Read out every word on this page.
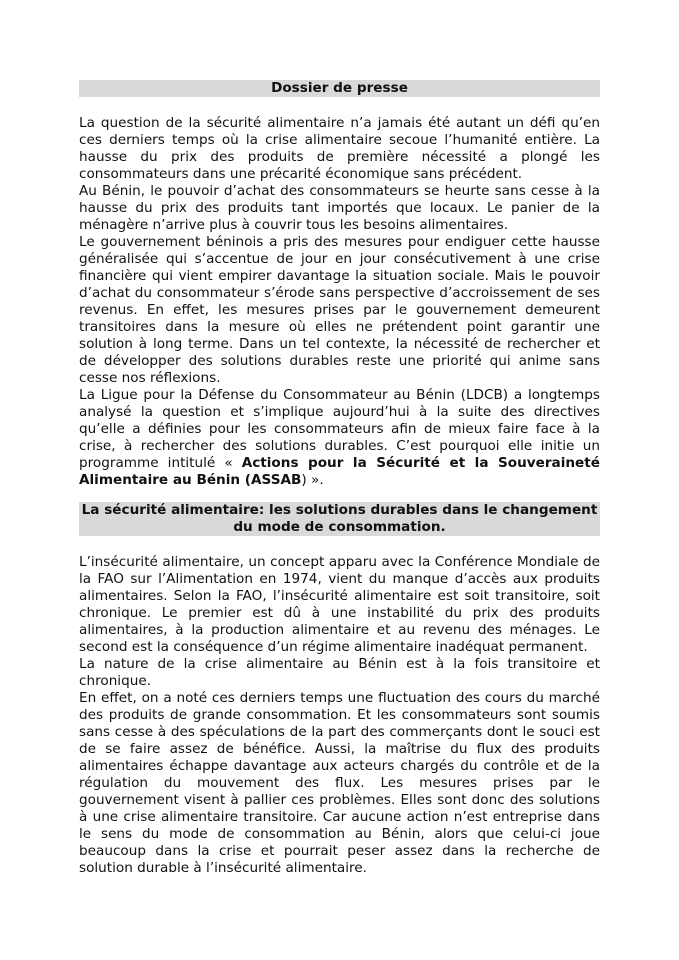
Dossier de presse

La question de la sécurité alimentaire n’a jamais été autant un défi qu’en ces derniers temps où la crise alimentaire secoue l’humanité entière. La hausse du prix des produits de première nécessité a plongé les consommateurs dans une précarité économique sans précédent.

Au Bénin, le pouvoir d’achat des consommateurs se heurte sans cesse à la hausse du prix des produits tant importés que locaux. Le panier de la ménagère n’arrive plus à couvrir tous les besoins alimentaires.

Le gouvernement béninois a pris des mesures pour endiguer cette hausse généralisée qui s’accentue de jour en jour consécutivement à une crise financière qui vient empirer davantage la situation sociale. Mais le pouvoir d’achat du consommateur s’érode sans perspective d’accroissement de ses revenus. En effet, les mesures prises par le gouvernement demeurent transitoires dans la mesure où elles ne prétendent point garantir une solution à long terme. Dans un tel contexte, la nécessité de rechercher et de développer des solutions durables reste une priorité qui anime sans cesse nos réflexions.

La Ligue pour la Défense du Consommateur au Bénin (LDCB) a longtemps analysé la question et s’implique aujourd’hui à la suite des directives qu’elle a définies pour les consommateurs afin de mieux faire face à la crise, à rechercher des solutions durables. C’est pourquoi elle initie un programme intitulé « Actions pour la Sécurité et la Souveraineté Alimentaire au Bénin (ASSAB) ».

La sécurité alimentaire: les solutions durables dans le changement du mode de consommation.

L’insécurité alimentaire, un concept apparu avec la Conférence Mondiale de la FAO sur l’Alimentation en 1974, vient du manque d’accès aux produits alimentaires. Selon la FAO, l’insécurité alimentaire est soit transitoire, soit chronique. Le premier est dû à une instabilité du prix des produits alimentaires, à la production alimentaire et au revenu des ménages. Le second est la conséquence d’un régime alimentaire inadéquat permanent.

La nature de la crise alimentaire au Bénin est à la fois transitoire et chronique.

En effet, on a noté ces derniers temps une fluctuation des cours du marché des produits de grande consommation. Et les consommateurs sont soumis sans cesse à des spéculations de la part des commerçants dont le souci est de se faire assez de bénéfice. Aussi, la maîtrise du flux des produits alimentaires échappe davantage aux acteurs chargés du contrôle et de la régulation du mouvement des flux. Les mesures prises par le gouvernement visent à pallier ces problèmes. Elles sont donc des solutions à une crise alimentaire transitoire. Car aucune action n’est entreprise dans le sens du mode de consommation au Bénin, alors que celui-ci joue beaucoup dans la crise et pourrait peser assez dans la recherche de solution durable à l’insécurité alimentaire.
